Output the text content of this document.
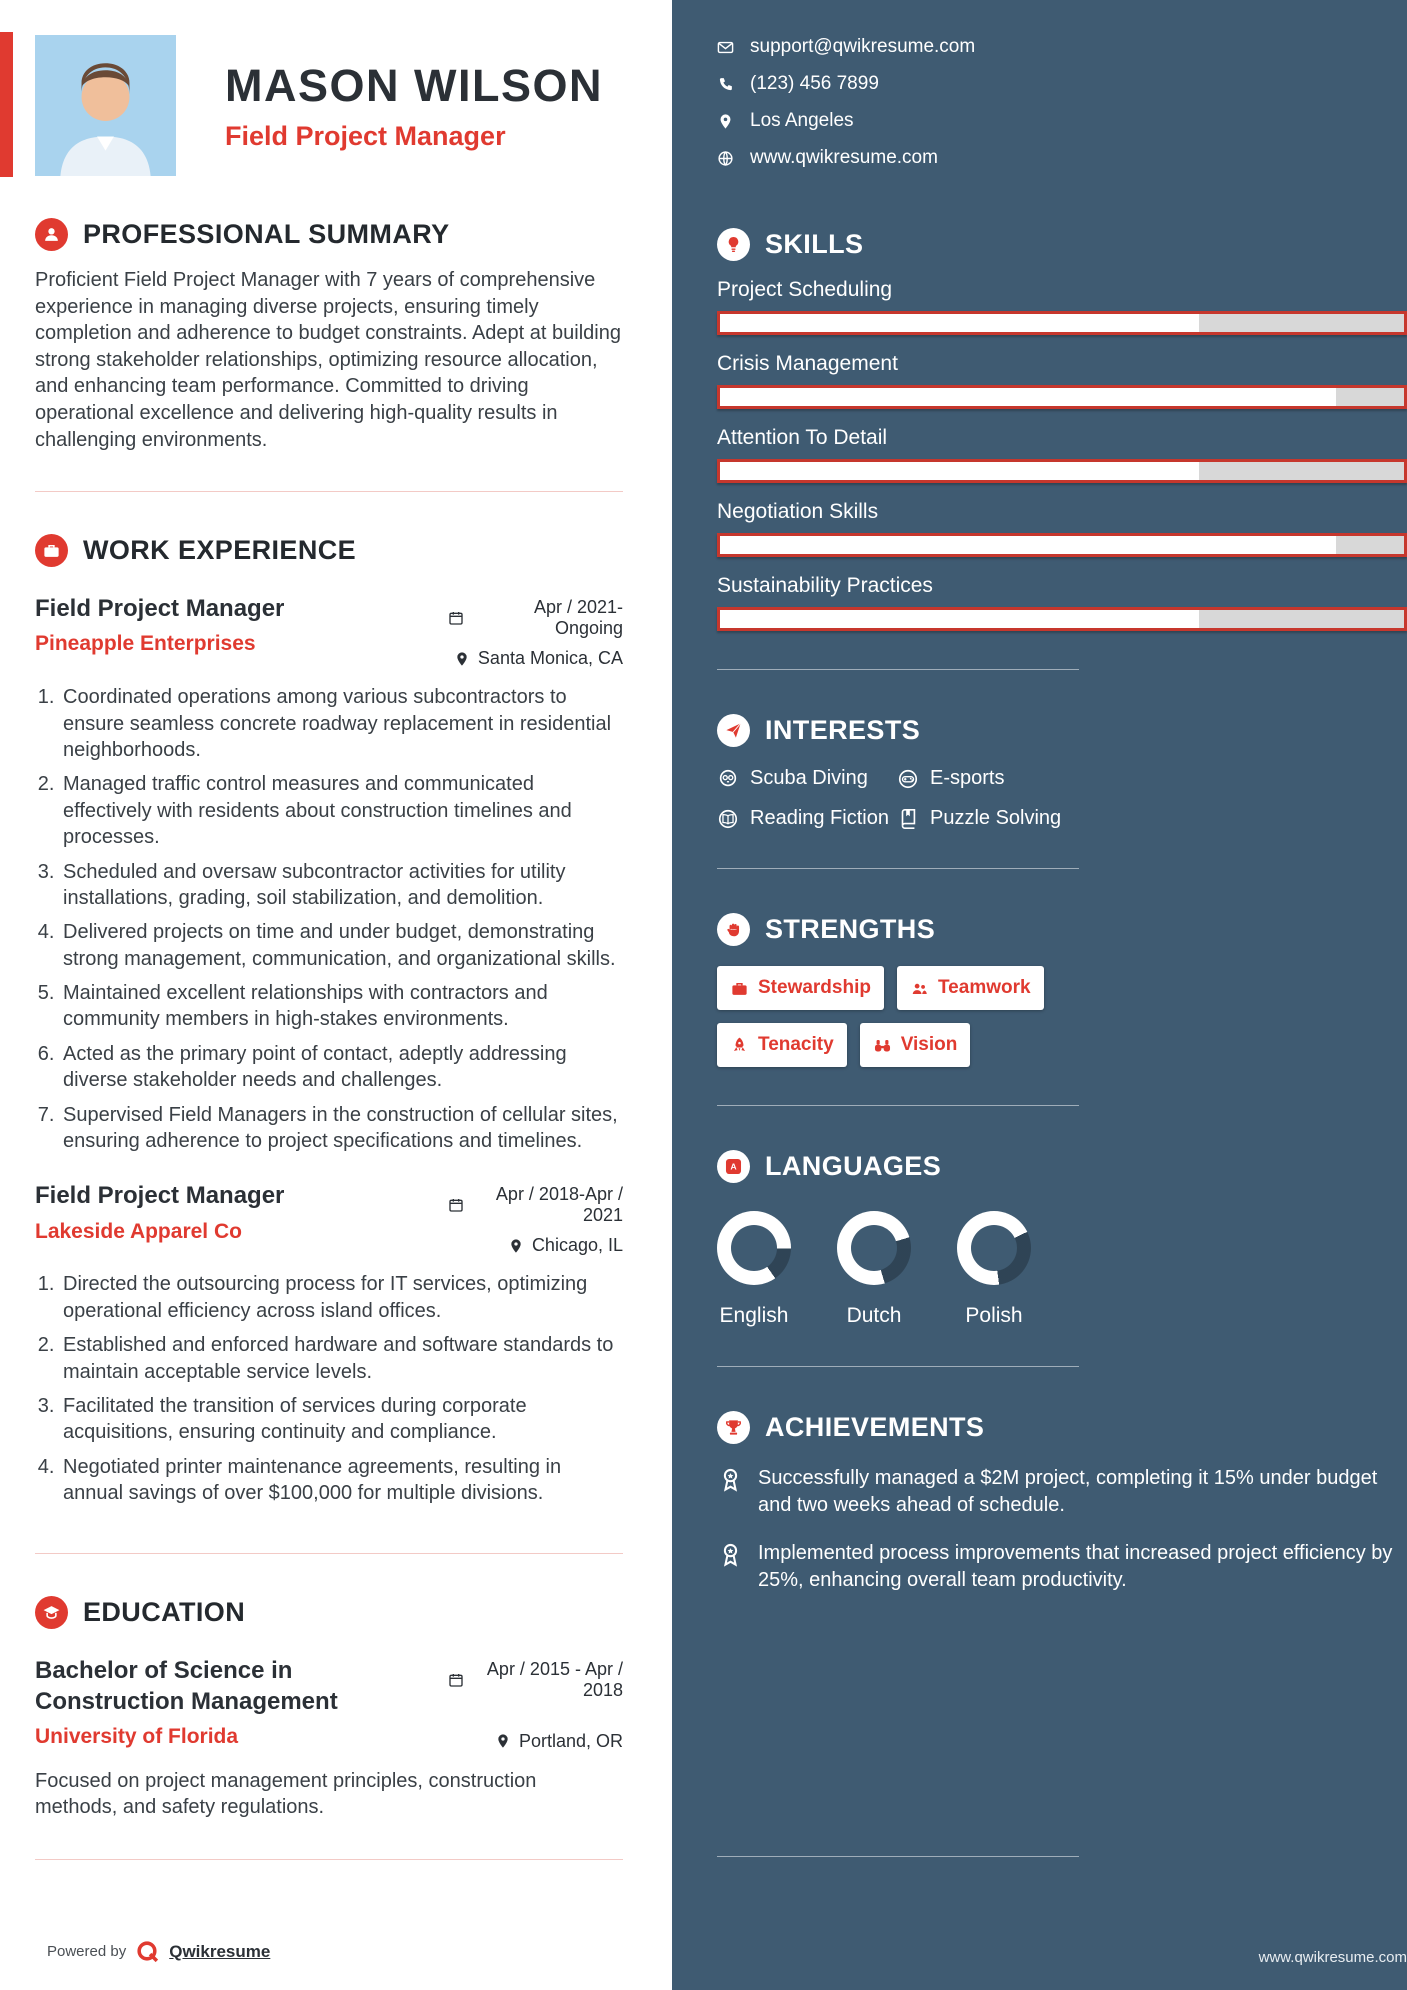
MASON WILSON
Field Project Manager
PROFESSIONAL SUMMARY

Proficient Field Project Manager with 7 years of comprehensive experience in managing diverse projects, ensuring timely completion and adherence to budget constraints. Adept at building strong stakeholder relationships, optimizing resource allocation, and enhancing team performance. Committed to driving operational excellence and delivering high-quality results in challenging environments.

WORK EXPERIENCE
Field Project Manager
Pineapple Enterprises
Apr / 2021-Ongoing
Santa Monica, CA
1. Coordinated operations among various subcontractors to ensure seamless concrete roadway replacement in residential neighborhoods.
2. Managed traffic control measures and communicated effectively with residents about construction timelines and processes.
3. Scheduled and oversaw subcontractor activities for utility installations, grading, soil stabilization, and demolition.
4. Delivered projects on time and under budget, demonstrating strong management, communication, and organizational skills.
5. Maintained excellent relationships with contractors and community members in high-stakes environments.
6. Acted as the primary point of contact, adeptly addressing diverse stakeholder needs and challenges.
7. Supervised Field Managers in the construction of cellular sites, ensuring adherence to project specifications and timelines.
Field Project Manager
Lakeside Apparel Co
Apr / 2018-Apr / 2021
Chicago, IL
1. Directed the outsourcing process for IT services, optimizing operational efficiency across island offices.
2. Established and enforced hardware and software standards to maintain acceptable service levels.
3. Facilitated the transition of services during corporate acquisitions, ensuring continuity and compliance.
4. Negotiated printer maintenance agreements, resulting in annual savings of over $100,000 for multiple divisions.
EDUCATION
Bachelor of Science in Construction Management
University of Florida
Apr / 2015 - Apr / 2018
Portland, OR

Focused on project management principles, construction methods, and safety regulations.

Powered by	Qwikresume
support@qwikresume.com
(123) 456 7899
Los Angeles
www.qwikresume.com
SKILLS
Project Scheduling
Crisis Management
Attention To Detail
Negotiation Skills
Sustainability Practices
INTERESTS
Scuba Diving	E-sports
Reading Fiction Puzzle Solving
STRENGTHS
Stewardship	Teamwork
Tenacity	Vision
A LANGUAGES
English	Dutch	Polish
ACHIEVEMENTS

Successfully managed a $2M project, completing it 15% under budget and two weeks ahead of schedule.

Implemented process improvements that increased project efficiency by 25%, enhancing overall team productivity.

www.qwikresume.com
